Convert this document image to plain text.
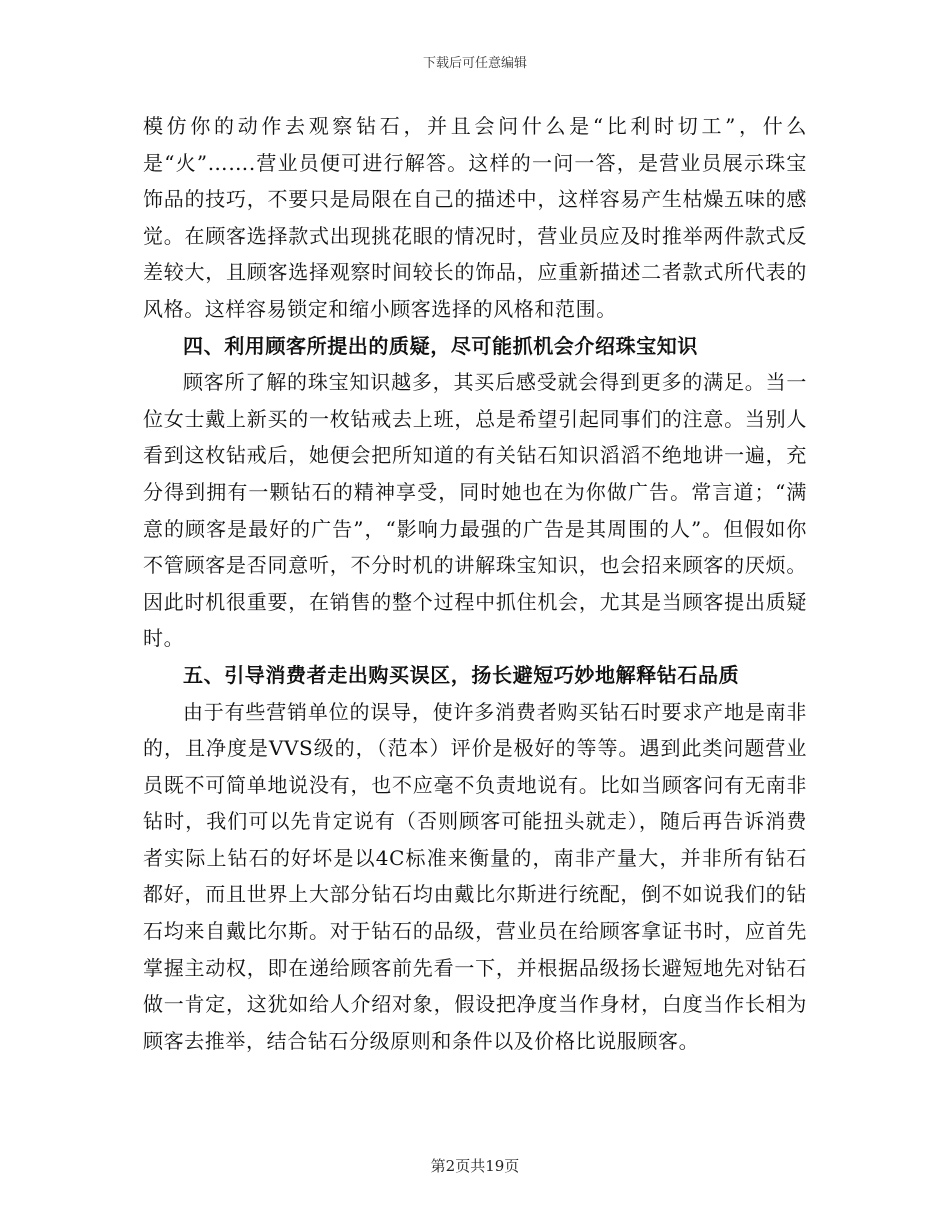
下载后可任意编辑

模仿你的动作去观察钻石，并且会问什么是“比利时切工”，什么是“火”…….营业员便可进行解答。这样的一问一答，是营业员展示珠宝饰品的技巧，不要只是局限在自己的描述中，这样容易产生枯燥五味的感觉。在顾客选择款式出现挑花眼的情况时，营业员应及时推举两件款式反差较大，且顾客选择观察时间较长的饰品，应重新描述二者款式所代表的风格。这样容易锁定和缩小顾客选择的风格和范围。

四、利用顾客所提出的质疑，尽可能抓机会介绍珠宝知识

顾客所了解的珠宝知识越多，其买后感受就会得到更多的满足。当一位女士戴上新买的一枚钻戒去上班，总是希望引起同事们的注意。当别人看到这枚钻戒后，她便会把所知道的有关钻石知识滔滔不绝地讲一遍，充分得到拥有一颗钻石的精神享受，同时她也在为你做广告。常言道；“满意的顾客是最好的广告”，“影响力最强的广告是其周围的人”。但假如你不管顾客是否同意听，不分时机的讲解珠宝知识，也会招来顾客的厌烦。因此时机很重要，在销售的整个过程中抓住机会，尤其是当顾客提出质疑时。

五、引导消费者走出购买误区，扬长避短巧妙地解释钻石品质

由于有些营销单位的误导，使许多消费者购买钻石时要求产地是南非的，且净度是VVS级的，（范本）评价是极好的等等。遇到此类问题营业员既不可简单地说没有，也不应毫不负责地说有。比如当顾客问有无南非钻时，我们可以先肯定说有（否则顾客可能扭头就走），随后再告诉消费者实际上钻石的好坏是以4C标准来衡量的，南非产量大，并非所有钻石都好，而且世界上大部分钻石均由戴比尔斯进行统配，倒不如说我们的钻石均来自戴比尔斯。对于钻石的品级，营业员在给顾客拿证书时，应首先掌握主动权，即在递给顾客前先看一下，并根据品级扬长避短地先对钻石做一肯定，这犹如给人介绍对象，假设把净度当作身材，白度当作长相为顾客去推举，结合钻石分级原则和条件以及价格比说服顾客。

第2页共19页
